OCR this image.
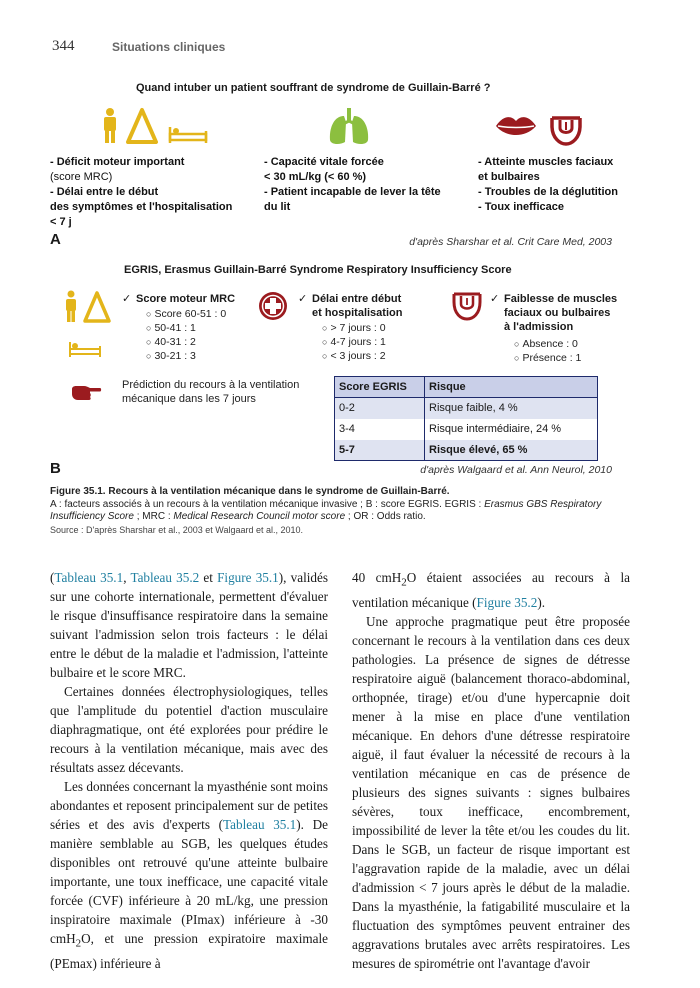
344	Situations cliniques
Quand intuber un patient souffrant de syndrome de Guillain-Barré ?
- Déficit moteur important
(score MRC)
- Délai entre le début
des symptômes et l'hospitalisation
< 7 j
- Capacité vitale forcée
< 30 mL/kg (< 60 %)
- Patient incapable de lever la tête
du lit
- Atteinte muscles faciaux
et bulbaires
- Troubles de la déglutition
- Toux inefficace
A	d'après Sharshar et al. Crit Care Med, 2003
EGRIS, Erasmus Guillain-Barré Syndrome Respiratory Insufficiency Score
✓ Score moteur MRC
○ Score 60-51 : 0
○ 50-41 : 1
○ 40-31 : 2
○ 30-21 : 3
✓ Délai entre début
et hospitalisation
○ > 7 jours : 0
○ 4-7 jours : 1
○ < 3 jours : 2
✓ Faiblesse de muscles
faciaux ou bulbaires
à l'admission
○ Absence : 0
○ Présence : 1
Prédiction du recours à la ventilation
mécanique dans les 7 jours
Score EGRIS	Risque
0-2	Risque faible, 4 %
3-4	Risque intermédiaire, 24 %
5-7	Risque élevé, 65 %
B	d'après Walgaard et al. Ann Neurol, 2010
Figure 35.1. Recours à la ventilation mécanique dans le syndrome de Guillain-Barré.
A : facteurs associés à un recours à la ventilation mécanique invasive ; B : score EGRIS. EGRIS : Erasmus GBS Respiratory
Insufficiency Score ; MRC : Medical Research Council motor score ; OR : Odds ratio.
Source : D'après Sharshar et al., 2003 et Walgaard et al., 2010.

(Tableau 35.1, Tableau 35.2 et Figure 35.1), validés sur une cohorte internationale, permettent d'évaluer le risque d'insuffisance respiratoire dans la semaine suivant l'admission selon trois facteurs : le délai entre le début de la maladie et l'admission, l'atteinte bulbaire et le score MRC.

Certaines données électrophysiologiques, telles que l'amplitude du potentiel d'action musculaire diaphragmatique, ont été explorées pour prédire le recours à la ventilation mécanique, mais avec des résultats assez décevants.

Les données concernant la myasthénie sont moins abondantes et reposent principalement sur de petites séries et des avis d'experts (Tableau 35.1). De manière semblable au SGB, les quelques études disponibles ont retrouvé qu'une atteinte bulbaire importante, une toux inefficace, une capacité vitale forcée (CVF) inférieure à 20 mL/kg, une pression inspiratoire maximale (PImax) inférieure à -30 cmH$_2$O, et une pression expiratoire maximale (PEmax) inférieure à

40 cmH$_2$O étaient associées au recours à la ventilation mécanique (Figure 35.2).

Une approche pragmatique peut être proposée concernant le recours à la ventilation dans ces deux pathologies. La présence de signes de détresse respiratoire aiguë (balancement thoraco-abdominal, orthopnée, tirage) et/ou d'une hypercapnie doit mener à la mise en place d'une ventilation mécanique. En dehors d'une détresse respiratoire aiguë, il faut évaluer la nécessité de recours à la ventilation mécanique en cas de présence de plusieurs des signes suivants : signes bulbaires sévères, toux inefficace, encombrement, impossibilité de lever la tête et/ou les coudes du lit. Dans le SGB, un facteur de risque important est l'aggravation rapide de la maladie, avec un délai d'admission < 7 jours après le début de la maladie. Dans la myasthénie, la fatigabilité musculaire et la fluctuation des symptômes peuvent entrainer des aggravations brutales avec arrêts respiratoires. Les mesures de spirométrie ont l'avantage d'avoir
